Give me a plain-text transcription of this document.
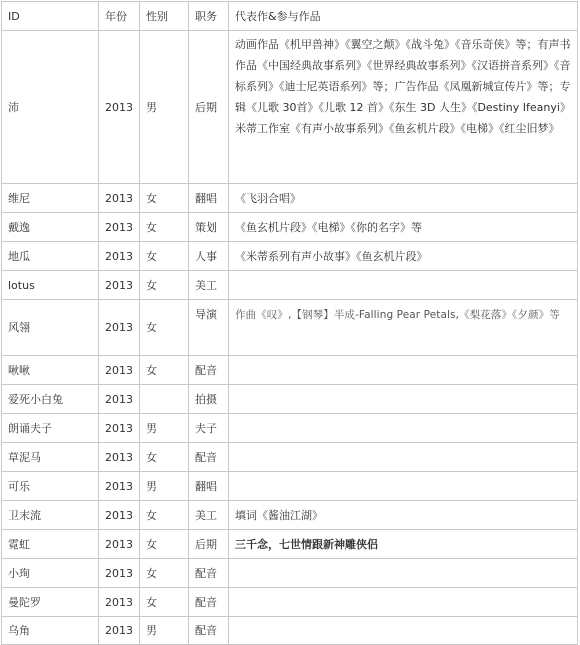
ID	年份	性别	职务	代表作&参与作品
沛	2013	男	后期	动画作品《机甲兽神》《翼空之颠》《战斗兔》《音乐奇侠》等；有声书作品《中国经典故事系列》《世界经典故事系列》《汉语拼音系列》《音标系列》《迪士尼英语系列》等；广告作品《凤凰新城宣传片》等；专辑《儿歌 30首》《儿歌 12 首》《东生 3D 人生》《Destiny Ifeanyi》米蒂工作室《有声小故事系列》《鱼玄机片段》《电梯》《红尘旧梦》
维尼	2013	女	翻唱	《飞羽合唱》
戴逸	2013	女	策划	《鱼玄机片段》《电梯》《你的名字》等
地瓜	2013	女	人事	《米蒂系列有声小故事》《鱼玄机片段》
lotus	2013	女	美工	
风翎	2013	女	导演	作曲《叹》,【钢琴】半成-Falling Pear Petals,《梨花落》《夕颜》等
啾啾	2013	女	配音	
爱死小白兔	2013		拍摄	
朗诵夫子	2013	男	夫子	
草泥马	2013	女	配音	
可乐	2013	男	翻唱	
卫末流	2013	女	美工	填词《酱油江湖》
霓虹	2013	女	后期	三千念，七世情跟新神雕侠侣
小珣	2013	女	配音	
曼陀罗	2013	女	配音	
乌角	2013	男	配音	
